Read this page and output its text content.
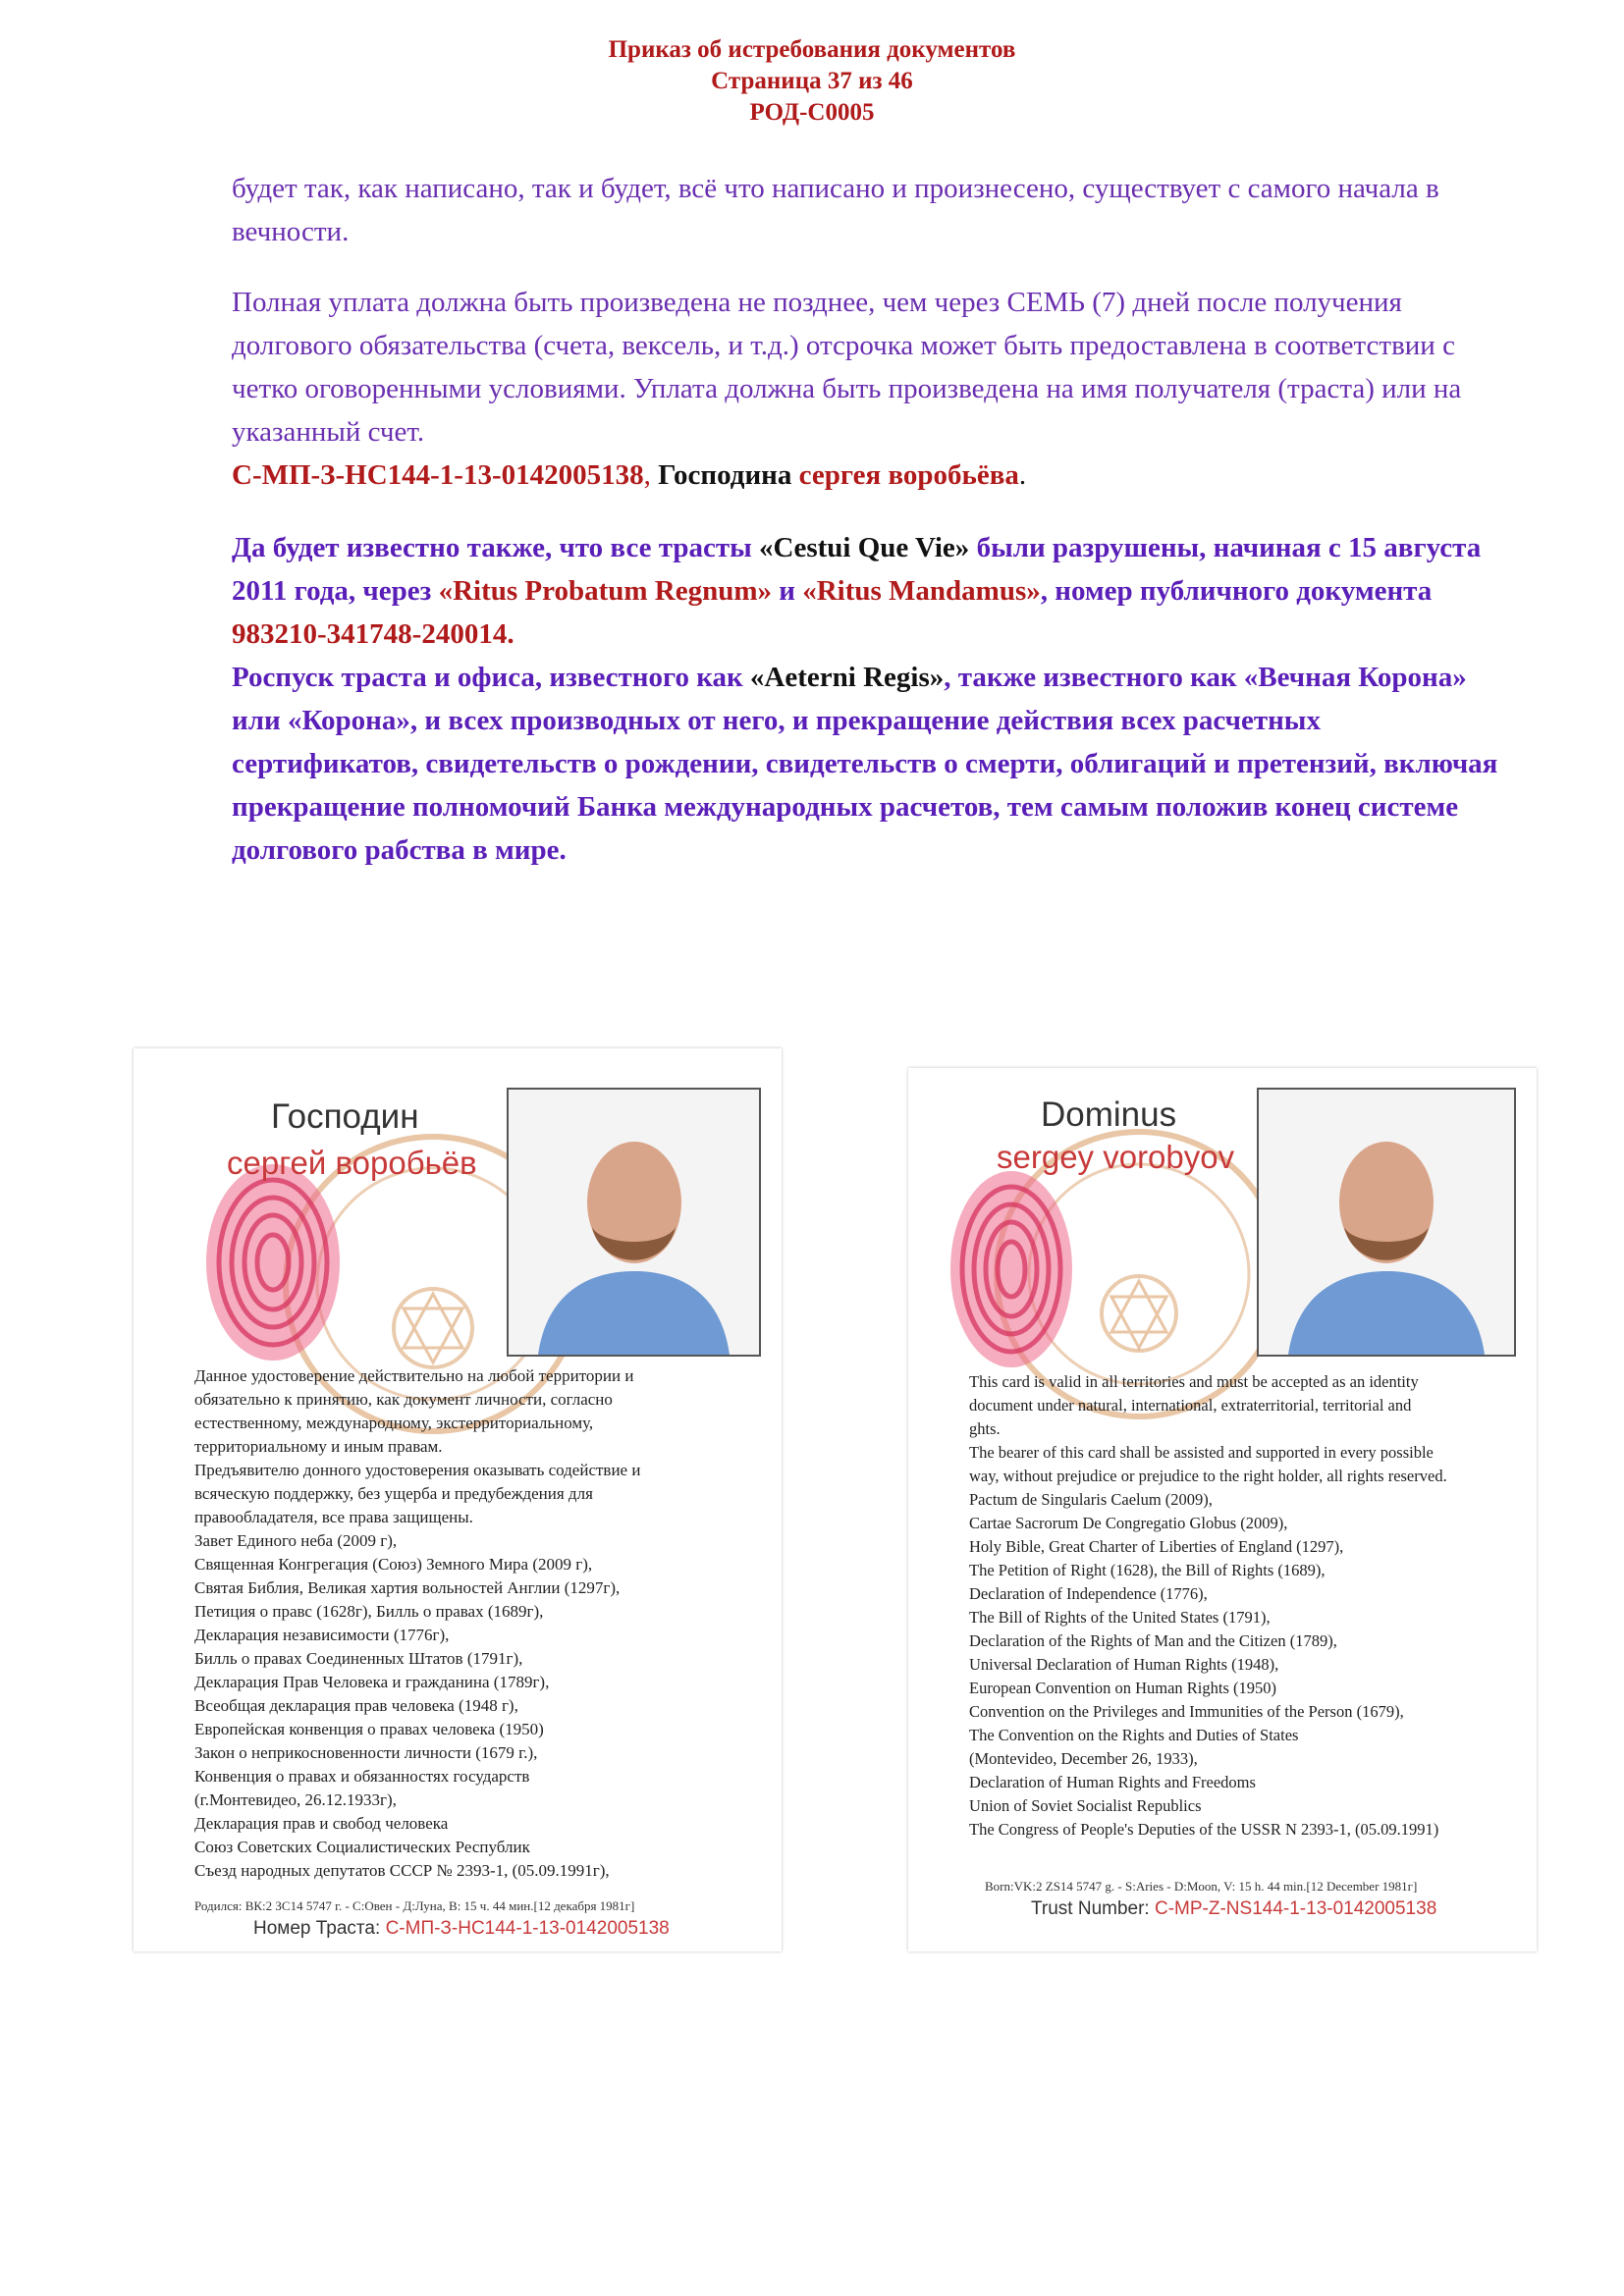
Приказ об истребования документов
Страница 37 из 46
РОД-С0005
будет так, как написано, так и будет, всё что написано и произнесено, существует с самого начала в вечности.
Полная уплата должна быть произведена не позднее, чем через СЕМЬ (7) дней после получения долгового обязательства (счета, вексель, и т.д.) отсрочка может быть предоставлена в соответствии с четко оговоренными условиями. Уплата должна быть произведена на имя получателя (траста) или на указанный счет.
С-МП-З-НС144-1-13-0142005138, Господина сергея воробьёва.
Да будет известно также, что все трасты «Cestui Que Vie» были разрушены, начиная с 15 августа 2011 года, через «Ritus Probatum Regnum» и «Ritus Mandamus», номер публичного документа 983210-341748-240014.
Роспуск траста и офиса, известного как «Aeterni Regis», также известного как «Вечная Корона» или «Корона», и всех производных от него, и прекращение действия всех расчетных сертификатов, свидетельств о рождении, свидетельств о смерти, облигаций и претензий, включая прекращение полномочий Банка международных расчетов, тем самым положив конец системе долгового рабства в мире.
Господин
сергей воробьёв
Данное удостоверение действительно на любой территории и
обязательно к принятию, как документ личности, согласно
естественному, международному, экстерриториальному,
территориальному и иным правам.
Предъявителю донного удостоверения оказывать содействие и
всяческую поддержку, без ущерба и предубеждения для
правообладателя, все права защищены.
Завет Единого неба (2009 г),
Священная Конгрегация (Союз) Земного Мира (2009 г),
Святая Библия, Великая хартия вольностей Англии (1297г),
Петиция о правс (1628г), Билль о правах (1689г),
Декларация независимости (1776г),
Билль о правах Соединенных Штатов (1791г),
Декларация Прав Человека и гражданина (1789г),
Всеобщая декларация прав человека (1948 г),
Европейская конвенция о правах человека (1950)
Закон о неприкосновенности личности (1679 г.),
Конвенция о правах и обязанностях государств
(г.Монтевидео, 26.12.1933г),
Декларация прав и свобод человека
Союз Советских Социалистических Республик
Съезд народных депутатов СССР № 2393-1, (05.09.1991г),
Родился: ВК:2 ЗС14 5747 г. - С:Овен - Д:Луна, В: 15 ч. 44 мин.[12 декабря 1981г]
Номер Траста: С-МП-З-НС144-1-13-0142005138
Dominus
sergey vorobyov
This card is valid in all territories and must be accepted as an identity
document under natural, international, extraterritorial, territorial and
ghts.
The bearer of this card shall be assisted and supported in every possible
way, without prejudice or prejudice to the right holder, all rights reserved.
Pactum de Singularis Caelum (2009),
Cartae Sacrorum De Congregatio Globus (2009),
Holy Bible, Great Charter of Liberties of England (1297),
The Petition of Right (1628), the Bill of Rights (1689),
Declaration of Independence (1776),
The Bill of Rights of the United States (1791),
Declaration of the Rights of Man and the Citizen (1789),
Universal Declaration of Human Rights (1948),
European Convention on Human Rights (1950)
Convention on the Privileges and Immunities of the Person (1679),
The Convention on the Rights and Duties of States
(Montevideo, December 26, 1933),
Declaration of Human Rights and Freedoms
Union of Soviet Socialist Republics
The Congress of People's Deputies of the USSR N 2393-1, (05.09.1991)
Born:VK:2 ZS14 5747 g. - S:Aries - D:Moon, V: 15 h. 44 min.[12 December 1981г]
Trust Number: C-MP-Z-NS144-1-13-0142005138
